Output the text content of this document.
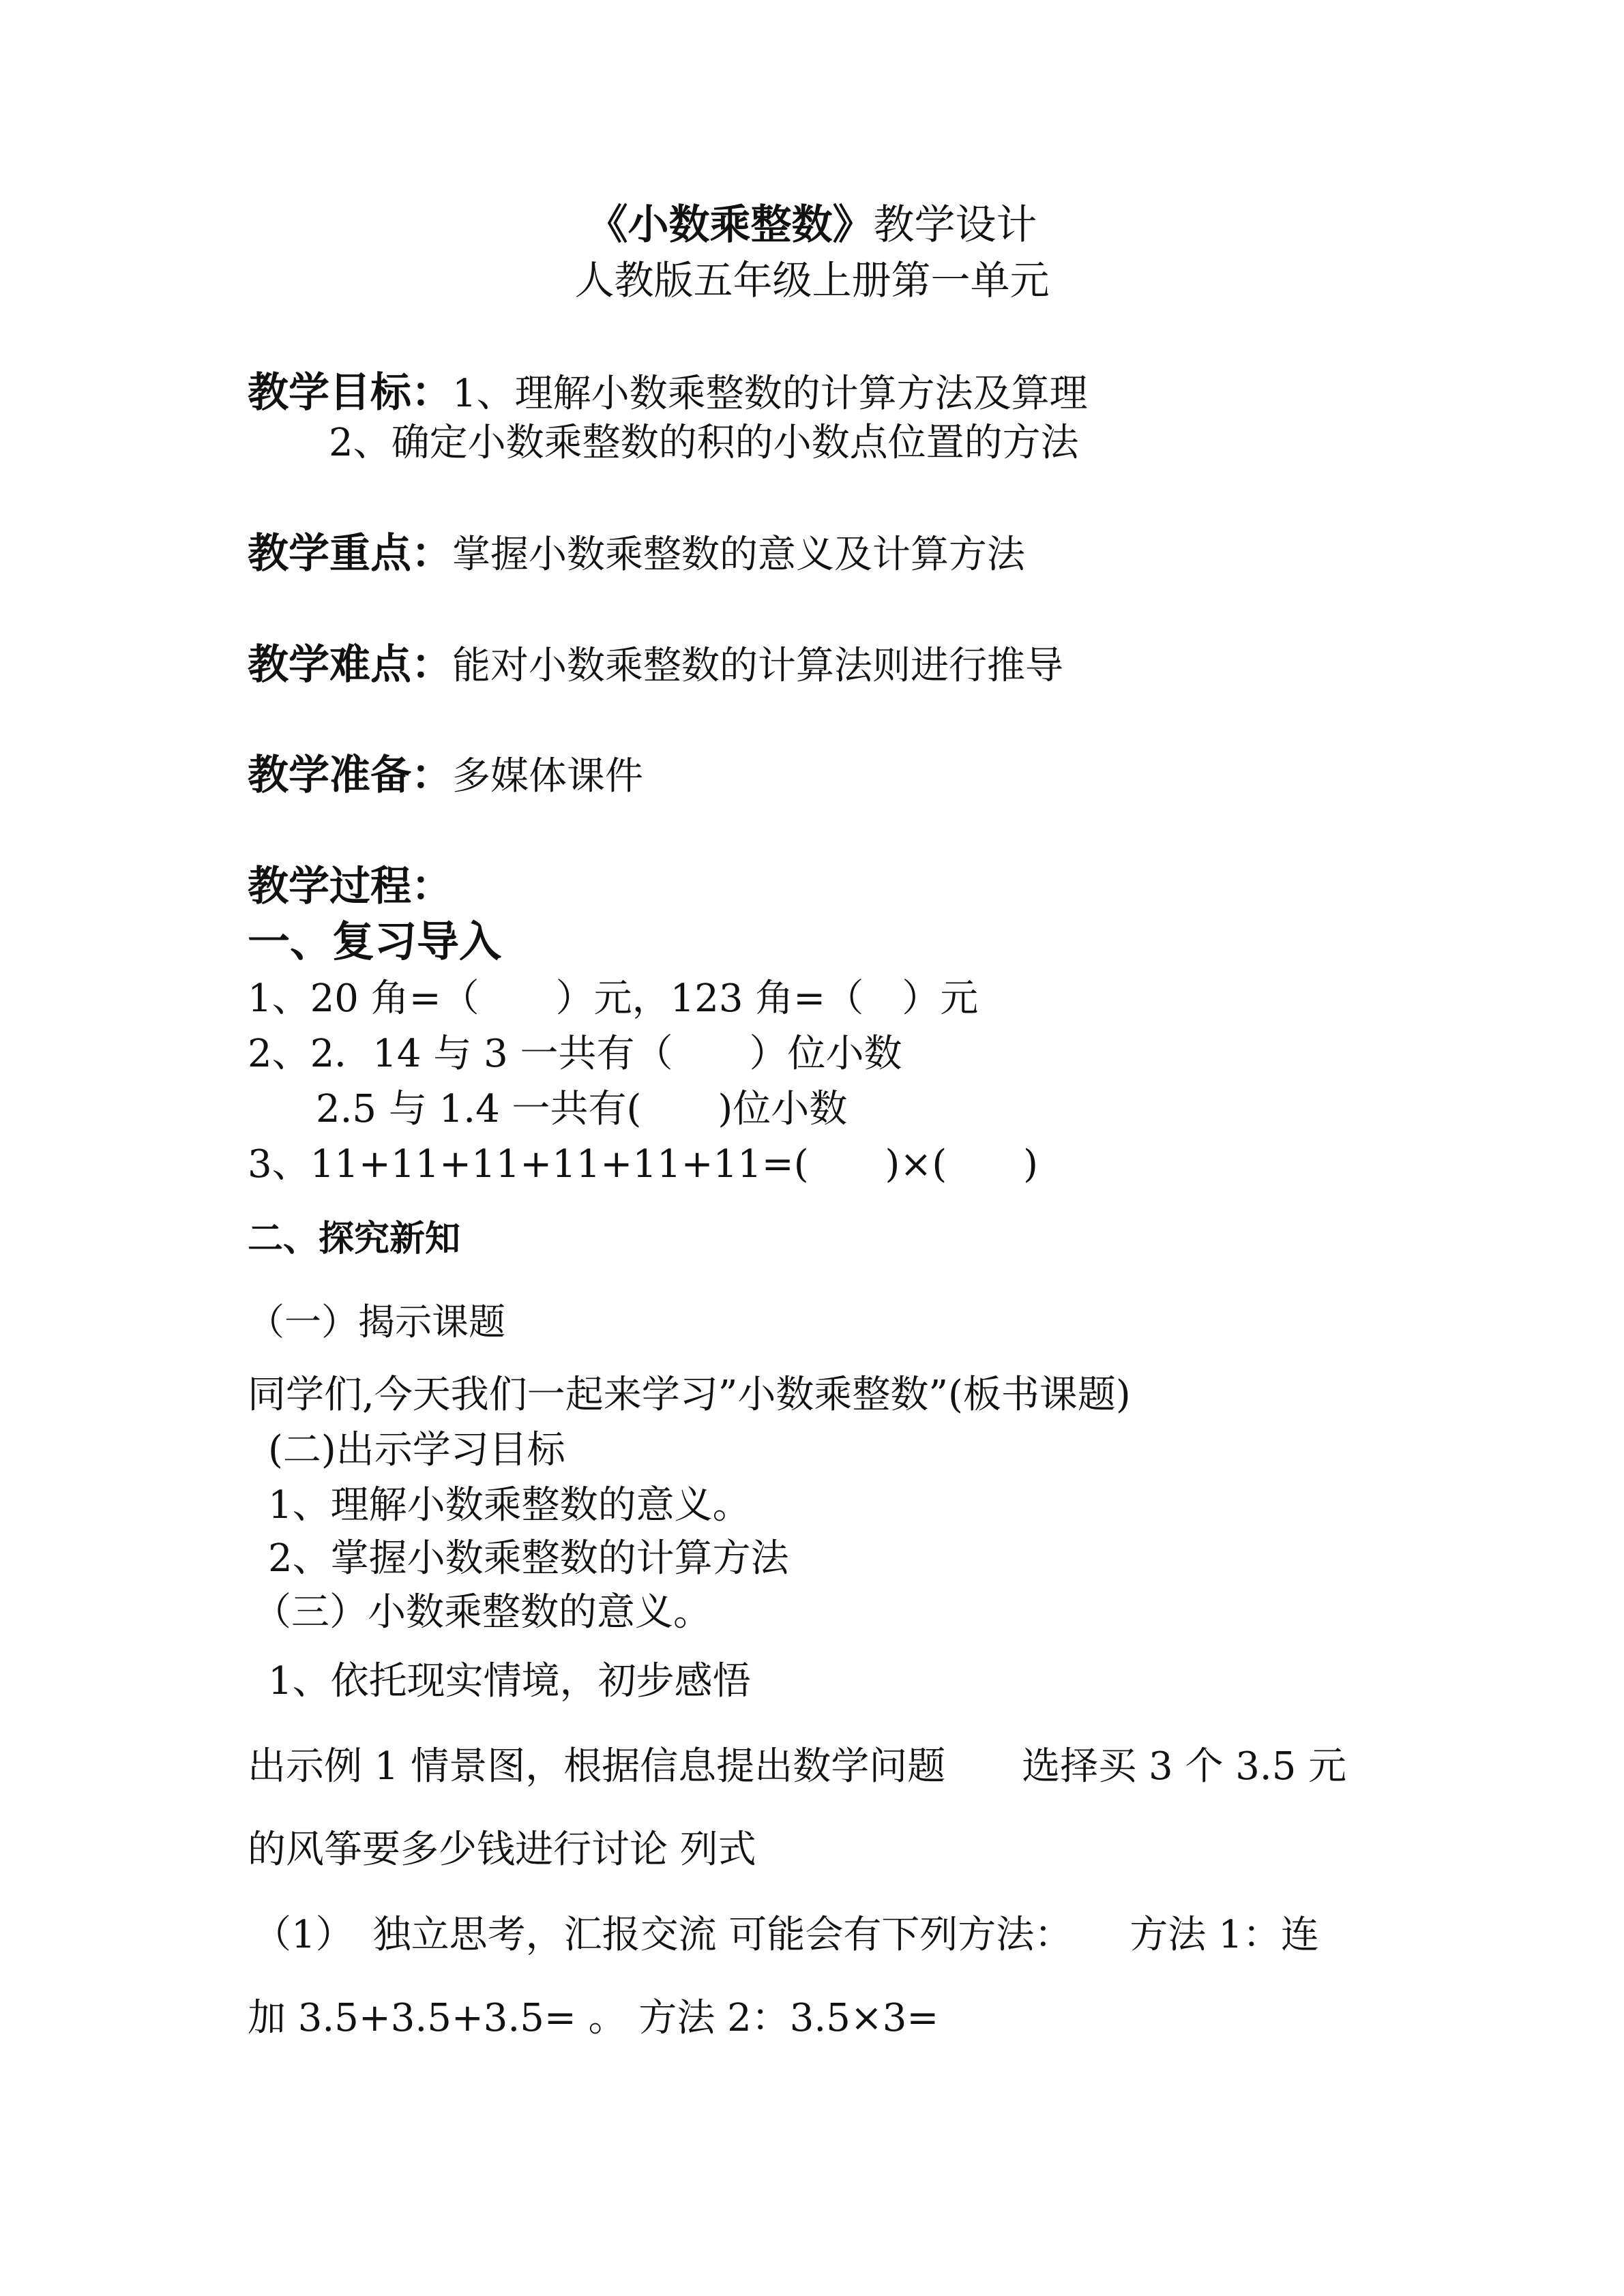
《小数乘整数》教学设计
人教版五年级上册第一单元
教学目标：1、理解小数乘整数的计算方法及算理
2、确定小数乘整数的积的小数点位置的方法
教学重点：掌握小数乘整数的意义及计算方法
教学难点：能对小数乘整数的计算法则进行推导
教学准备：多媒体课件
教学过程：
一、复习导入
1、20 角=（　　）元，123 角=（　）元
2、2．14 与 3 一共有（　　）位小数
2.5 与 1.4 一共有(　　)位小数
3、11+11+11+11+11+11=(　　)×(　　)
二、探究新知
（一）揭示课题
同学们,今天我们一起来学习”小数乘整数”(板书课题)
(二)出示学习目标
1、理解小数乘整数的意义。
2、掌握小数乘整数的计算方法
（三）小数乘整数的意义。
1、依托现实情境，初步感悟
出示例 1 情景图，根据信息提出数学问题　　选择买 3 个 3.5 元
的风筝要多少钱进行讨论 列式
（1）　独立思考，汇报交流 可能会有下列方法：　　方法 1：连
加 3.5+3.5+3.5= 。 方法 2：3.5×3=
